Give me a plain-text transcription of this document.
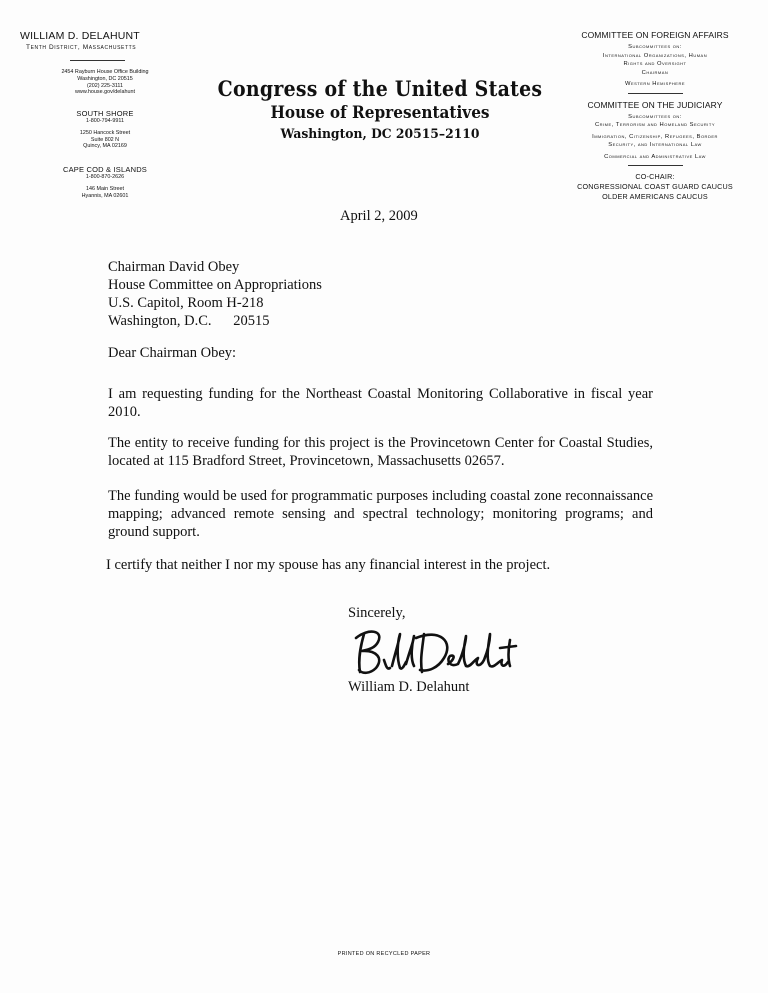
WILLIAM D. DELAHUNT
Tenth District, Massachusetts
2454 Rayburn House Office Building
Washington, DC 20515
(202) 225-3111
www.house.gov/delahunt
SOUTH SHORE
1-800-794-9911
1250 Hancock Street
Suite 802 N
Quincy, MA 02169
CAPE COD & ISLANDS
1-800-870-2626
146 Main Street
Hyannis, MA 02601
Congress of the United States
House of Representatives
Washington, DC 20515–2110
COMMITTEE ON FOREIGN AFFAIRS
Subcommittees on:
International Organizations, Human
Rights and Oversight
Chairman
Western Hemisphere
COMMITTEE ON THE JUDICIARY
Subcommittees on:
Crime, Terrorism and Homeland Security
Immigration, Citizenship, Refugees, Border
Security, and International Law
Commercial and Administrative Law
CO-CHAIR:
CONGRESSIONAL COAST GUARD CAUCUS
OLDER AMERICANS CAUCUS
April 2, 2009
Chairman David Obey
House Committee on Appropriations
U.S. Capitol, Room H-218
Washington, D.C.      20515
Dear Chairman Obey:
I am requesting funding for the Northeast Coastal Monitoring Collaborative in fiscal year 2010.
The entity to receive funding for this project is the Provincetown Center for Coastal Studies, located at 115 Bradford Street, Provincetown, Massachusetts 02657.
The funding would be used for programmatic purposes including coastal zone reconnaissance mapping; advanced remote sensing and spectral technology; monitoring programs; and ground support.
I certify that neither I nor my spouse has any financial interest in the project.
Sincerely,
William D. Delahunt
PRINTED ON RECYCLED PAPER
